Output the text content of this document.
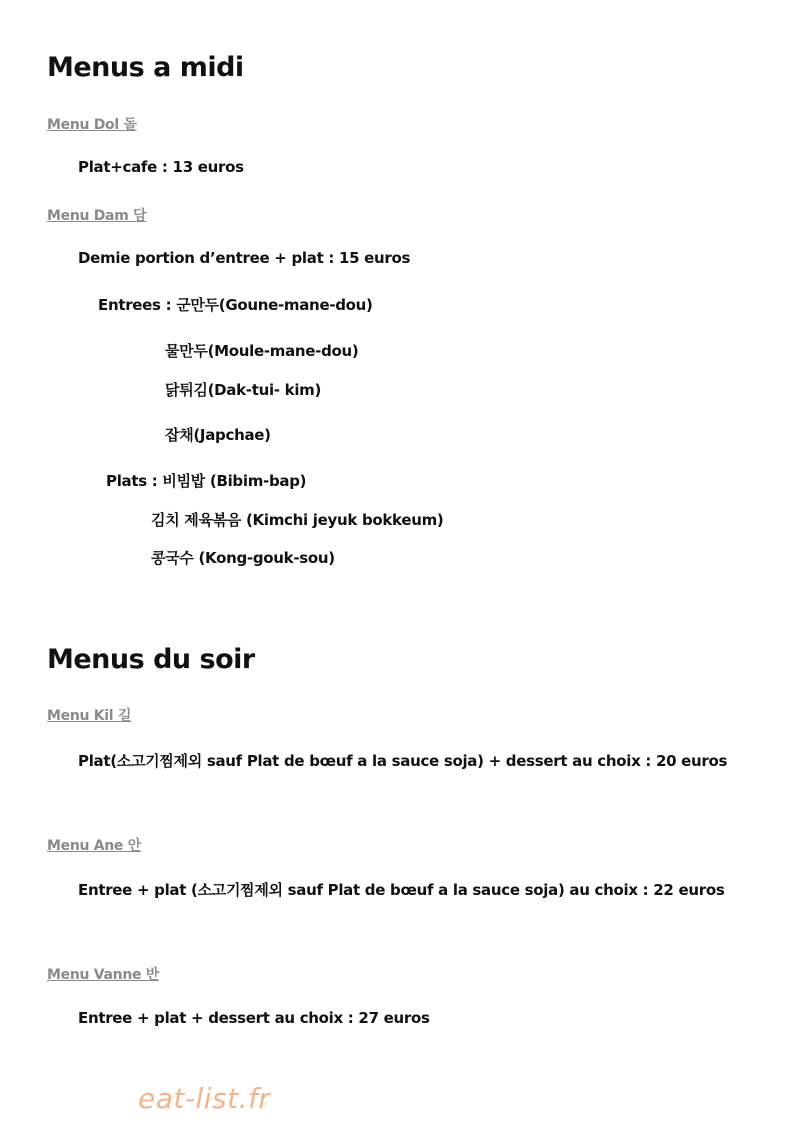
Menus a midi
Menu Dol 돌
Plat+cafe : 13 euros
Menu Dam 담
Demie portion d’entree + plat : 15 euros
Entrees : 군만두(Goune-mane-dou)
물만두(Moule-mane-dou)
닭튀김(Dak-tui- kim)
잡채(Japchae)
Plats : 비빔밥 (Bibim-bap)
김치 제육볶음 (Kimchi jeyuk bokkeum)
콩국수 (Kong-gouk-sou)
Menus du soir
Menu Kil 길
Plat(소고기찜제외 sauf Plat de bœuf a la sauce soja) + dessert au choix : 20 euros
Menu Ane 안
Entree + plat (소고기찜제외 sauf Plat de bœuf a la sauce soja) au choix : 22 euros
Menu Vanne 반
Entree + plat + dessert au choix : 27 euros
eat-list.fr
